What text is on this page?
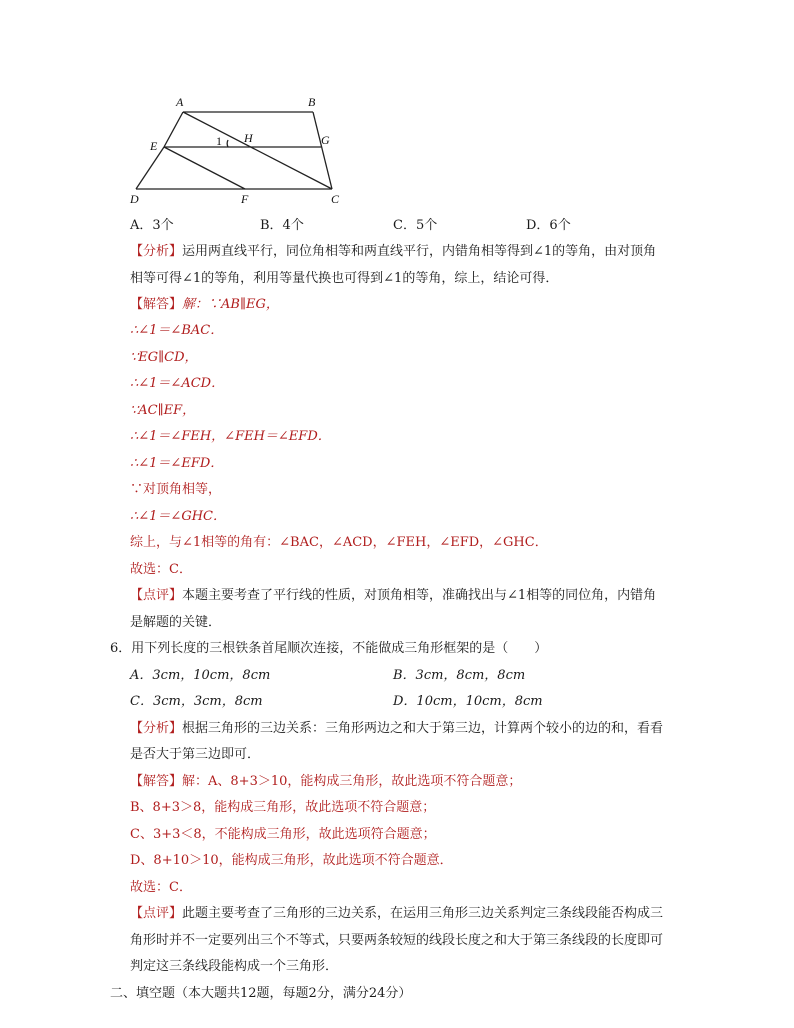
A	B
E
H	G
D	F	C
1
A．3个	B．4个	C．5个	D．6个
【分析】运用两直线平行，同位角相等和两直线平行，内错角相等得到∠1的等角，由对顶角
相等可得∠1的等角，利用等量代换也可得到∠1的等角，综上，结论可得．
【解答】解：∵AB∥EG，
∴∠1＝∠BAC．
∵EG∥CD，
∴∠1＝∠ACD．
∵AC∥EF，
∴∠1＝∠FEH，∠FEH＝∠EFD．
∴∠1＝∠EFD．
∵对顶角相等，
∴∠1＝∠GHC．
综上，与∠1相等的角有：∠BAC，∠ACD，∠FEH，∠EFD，∠GHC．
故选：C．
【点评】本题主要考查了平行线的性质，对顶角相等，准确找出与∠1相等的同位角，内错角
是解题的关键．
6．用下列长度的三根铁条首尾顺次连接，不能做成三角形框架的是（　　）
A．3cm，10cm，8cm	B．3cm，8cm，8cm
C．3cm，3cm，8cm	D．10cm，10cm，8cm
【分析】根据三角形的三边关系：三角形两边之和大于第三边，计算两个较小的边的和，看看
是否大于第三边即可．
【解答】解：A、8+3＞10，能构成三角形，故此选项不符合题意；
B、8+3＞8，能构成三角形，故此选项不符合题意；
C、3+3＜8，不能构成三角形，故此选项符合题意；
D、8+10＞10，能构成三角形，故此选项不符合题意．
故选：C．
【点评】此题主要考查了三角形的三边关系，在运用三角形三边关系判定三条线段能否构成三
角形时并不一定要列出三个不等式，只要两条较短的线段长度之和大于第三条线段的长度即可
判定这三条线段能构成一个三角形．
二、填空题（本大题共12题，每题2分，满分24分）
